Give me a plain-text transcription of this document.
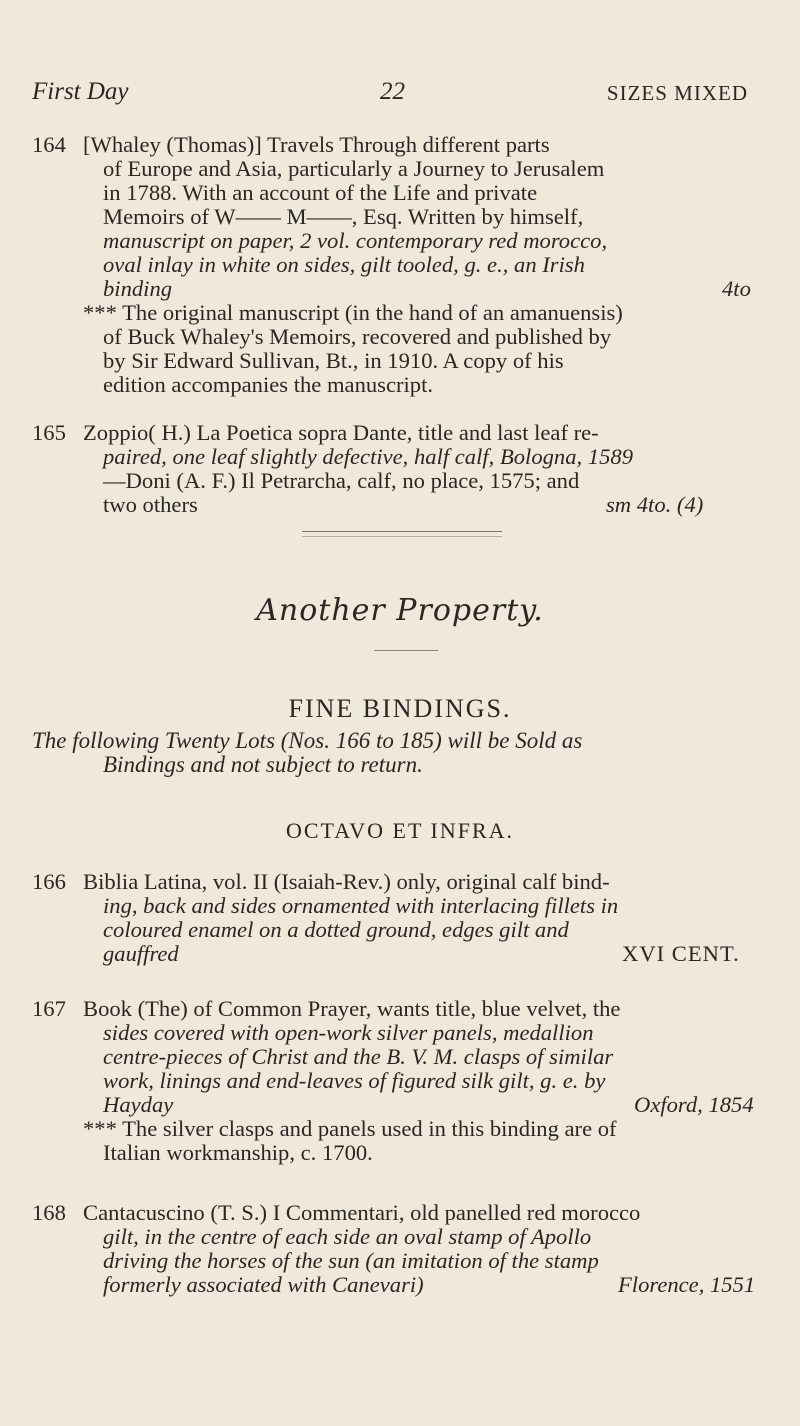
First Day	22	SIZES MIXED
164 [Whaley (Thomas)] Travels Through different parts
of Europe and Asia, particularly a Journey to Jerusalem
in 1788. With an account of the Life and private
Memoirs of W—— M——, Esq. Written by himself,
manuscript on paper, 2 vol. contemporary red morocco,
oval inlay in white on sides, gilt tooled, g. e., an Irish
binding	4to
*** The original manuscript (in the hand of an amanuensis)
of Buck Whaley's Memoirs, recovered and published by
by Sir Edward Sullivan, Bt., in 1910. A copy of his
edition accompanies the manuscript.
165 Zoppio( H.) La Poetica sopra Dante, title and last leaf re-
paired, one leaf slightly defective, half calf, Bologna, 1589
—Doni (A. F.) Il Petrarcha, calf, no place, 1575; and
two others	sm 4to. (4)
Another Property.
FINE BINDINGS.
The following Twenty Lots (Nos. 166 to 185) will be Sold as
Bindings and not subject to return.
OCTAVO ET INFRA.
166 Biblia Latina, vol. II (Isaiah-Rev.) only, original calf bind-
ing, back and sides ornamented with interlacing fillets in
coloured enamel on a dotted ground, edges gilt and
gauffred	XVI CENT.
167 Book (The) of Common Prayer, wants title, blue velvet, the
sides covered with open-work silver panels, medallion
centre-pieces of Christ and the B. V. M. clasps of similar
work, linings and end-leaves of figured silk gilt, g. e. by
Hayday	Oxford, 1854
*** The silver clasps and panels used in this binding are of
Italian workmanship, c. 1700.
168 Cantacuscino (T. S.) I Commentari, old panelled red morocco
gilt, in the centre of each side an oval stamp of Apollo
driving the horses of the sun (an imitation of the stamp
formerly associated with Canevari)	Florence, 1551
